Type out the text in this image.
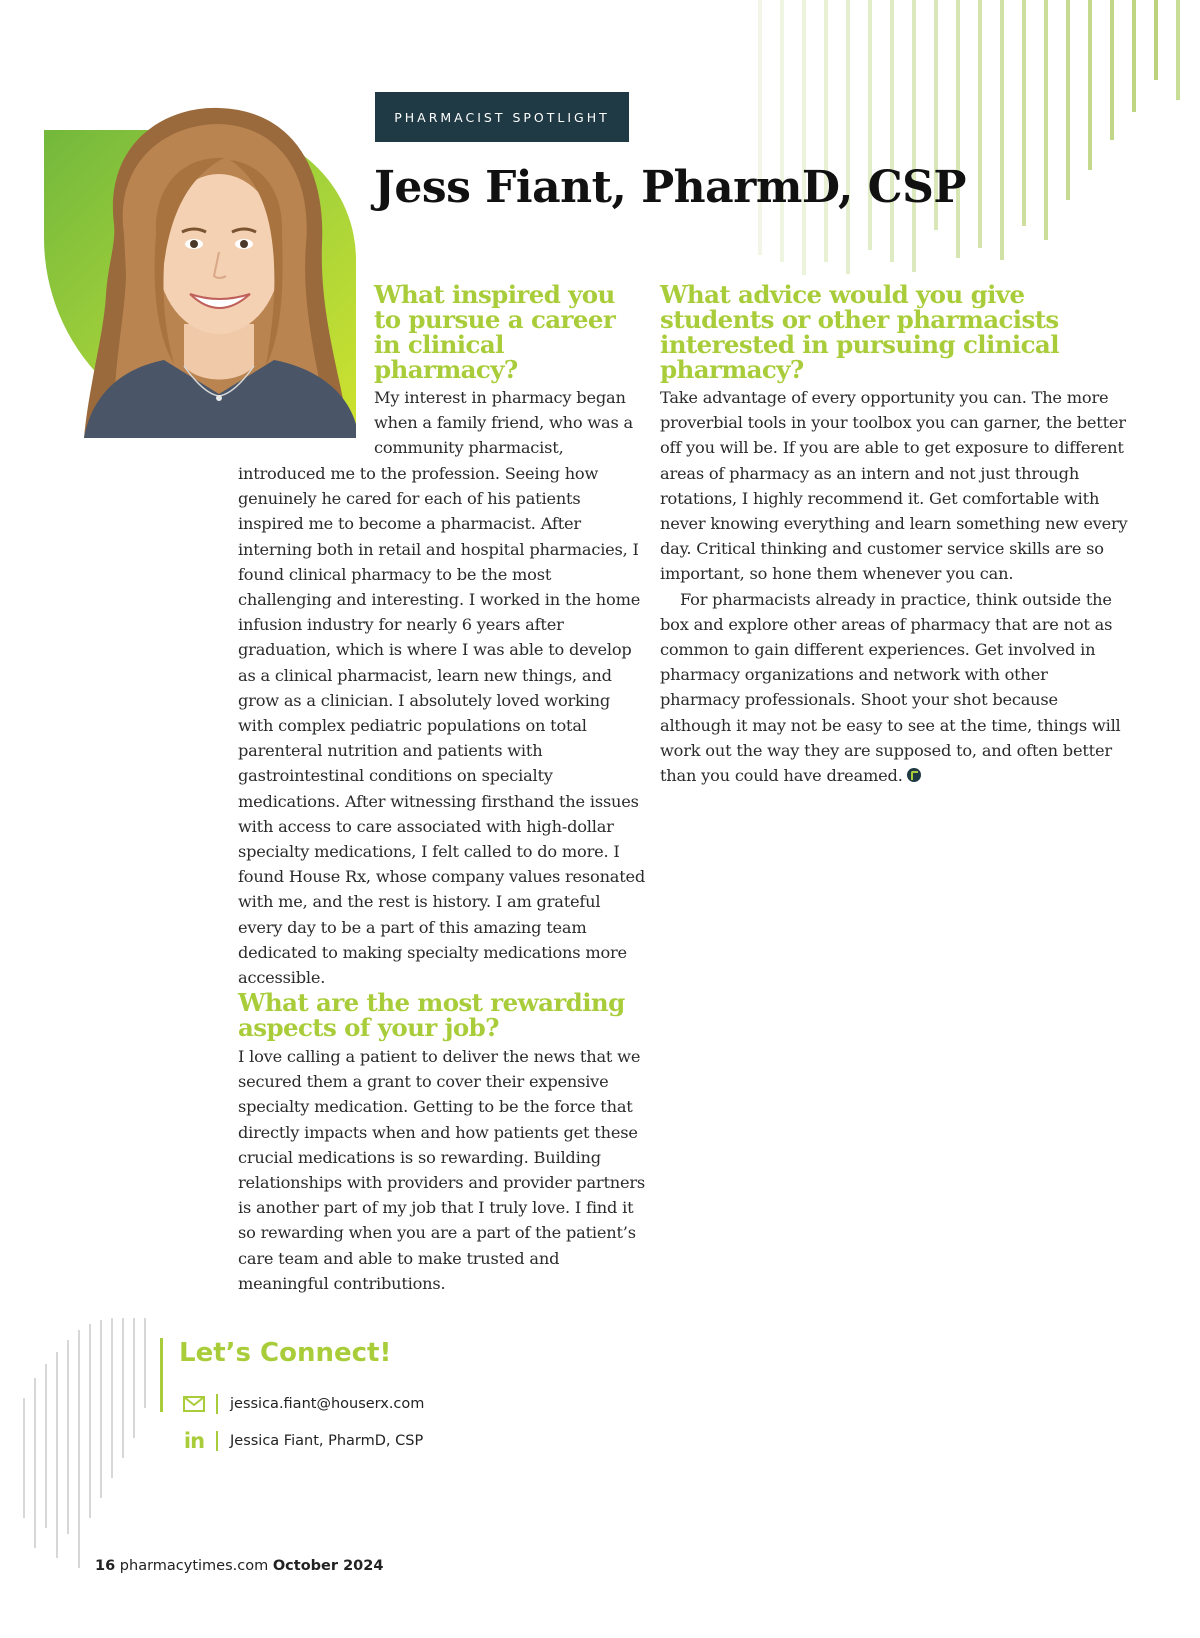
PHARMACIST SPOTLIGHT
Jess Fiant, PharmD, CSP
What inspired you to pursue a career in clinical pharmacy?

My interest in pharmacy began when a family friend, who was a community pharmacist,

introduced me to the profession. Seeing how genuinely he cared for each of his patients inspired me to become a pharmacist. After interning both in retail and hospital pharmacies, I found clinical pharmacy to be the most challenging and interesting. I worked in the home infusion industry for nearly 6 years after graduation, which is where I was able to develop as a clinical pharmacist, learn new things, and grow as a clinician. I absolutely loved working with complex pediatric populations on total parenteral nutrition and patients with gastrointestinal conditions on specialty medications. After witnessing firsthand the issues with access to care associated with high-dollar specialty medications, I felt called to do more. I found House Rx, whose company values resonated with me, and the rest is history. I am grateful every day to be a part of this amazing team dedicated to making specialty medications more accessible.

What are the most rewarding aspects of your job?

I love calling a patient to deliver the news that we secured them a grant to cover their expensive specialty medication. Getting to be the force that directly impacts when and how patients get these crucial medications is so rewarding. Building relationships with providers and provider partners is another part of my job that I truly love. I find it so rewarding when you are a part of the patient’s care team and able to make trusted and meaningful contributions.

What advice would you give students or other pharmacists interested in pursuing clinical pharmacy?

Take advantage of every opportunity you can. The more proverbial tools in your toolbox you can garner, the better off you will be. If you are able to get exposure to different areas of pharmacy as an intern and not just through rotations, I highly recommend it. Get comfortable with never knowing everything and learn something new every day. Critical thinking and customer service skills are so important, so hone them whenever you can.

For pharmacists already in practice, think outside the box and explore other areas of pharmacy that are not as common to gain different experiences. Get involved in pharmacy organizations and network with other pharmacy professionals. Shoot your shot because although it may not be easy to see at the time, things will work out the way they are supposed to, and often better than you could have dreamed.

Let’s Connect!
jessica.fiant@houserx.com
in Jessica Fiant, PharmD, CSP
16 pharmacytimes.com October 2024
